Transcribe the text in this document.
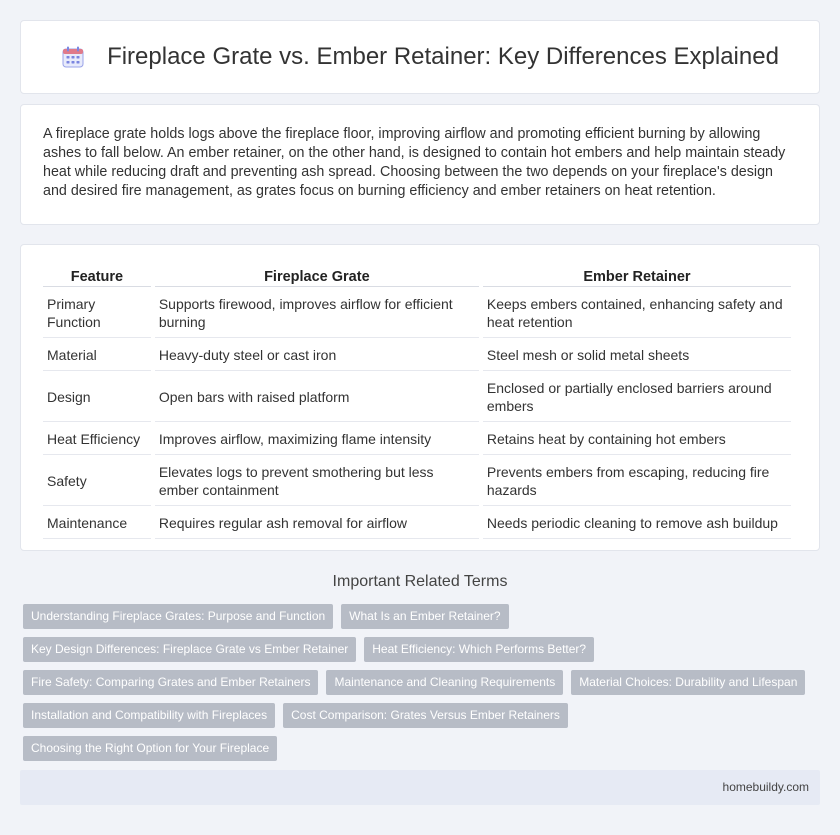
Fireplace Grate vs. Ember Retainer: Key Differences Explained

A fireplace grate holds logs above the fireplace floor, improving airflow and promoting efficient burning by allowing ashes to fall below. An ember retainer, on the other hand, is designed to contain hot embers and help maintain steady heat while reducing draft and preventing ash spread. Choosing between the two depends on your fireplace's design and desired fire management, as grates focus on burning efficiency and ember retainers on heat retention.

Feature	Fireplace Grate	Ember Retainer
Primary Function	Supports firewood, improves airflow for efficient burning	Keeps embers contained, enhancing safety and heat retention
Material	Heavy-duty steel or cast iron	Steel mesh or solid metal sheets
Design	Open bars with raised platform	Enclosed or partially enclosed barriers around embers
Heat Efficiency	Improves airflow, maximizing flame intensity	Retains heat by containing hot embers
Safety	Elevates logs to prevent smothering but less ember containment	Prevents embers from escaping, reducing fire hazards
Maintenance	Requires regular ash removal for airflow	Needs periodic cleaning to remove ash buildup
Important Related Terms
Understanding Fireplace Grates: Purpose and Function	What Is an Ember Retainer?
Key Design Differences: Fireplace Grate vs Ember Retainer	Heat Efficiency: Which Performs Better?
Fire Safety: Comparing Grates and Ember Retainers	Maintenance and Cleaning Requirements	Material Choices: Durability and Lifespan
Installation and Compatibility with Fireplaces	Cost Comparison: Grates Versus Ember Retainers
Choosing the Right Option for Your Fireplace
homebuildy.com
